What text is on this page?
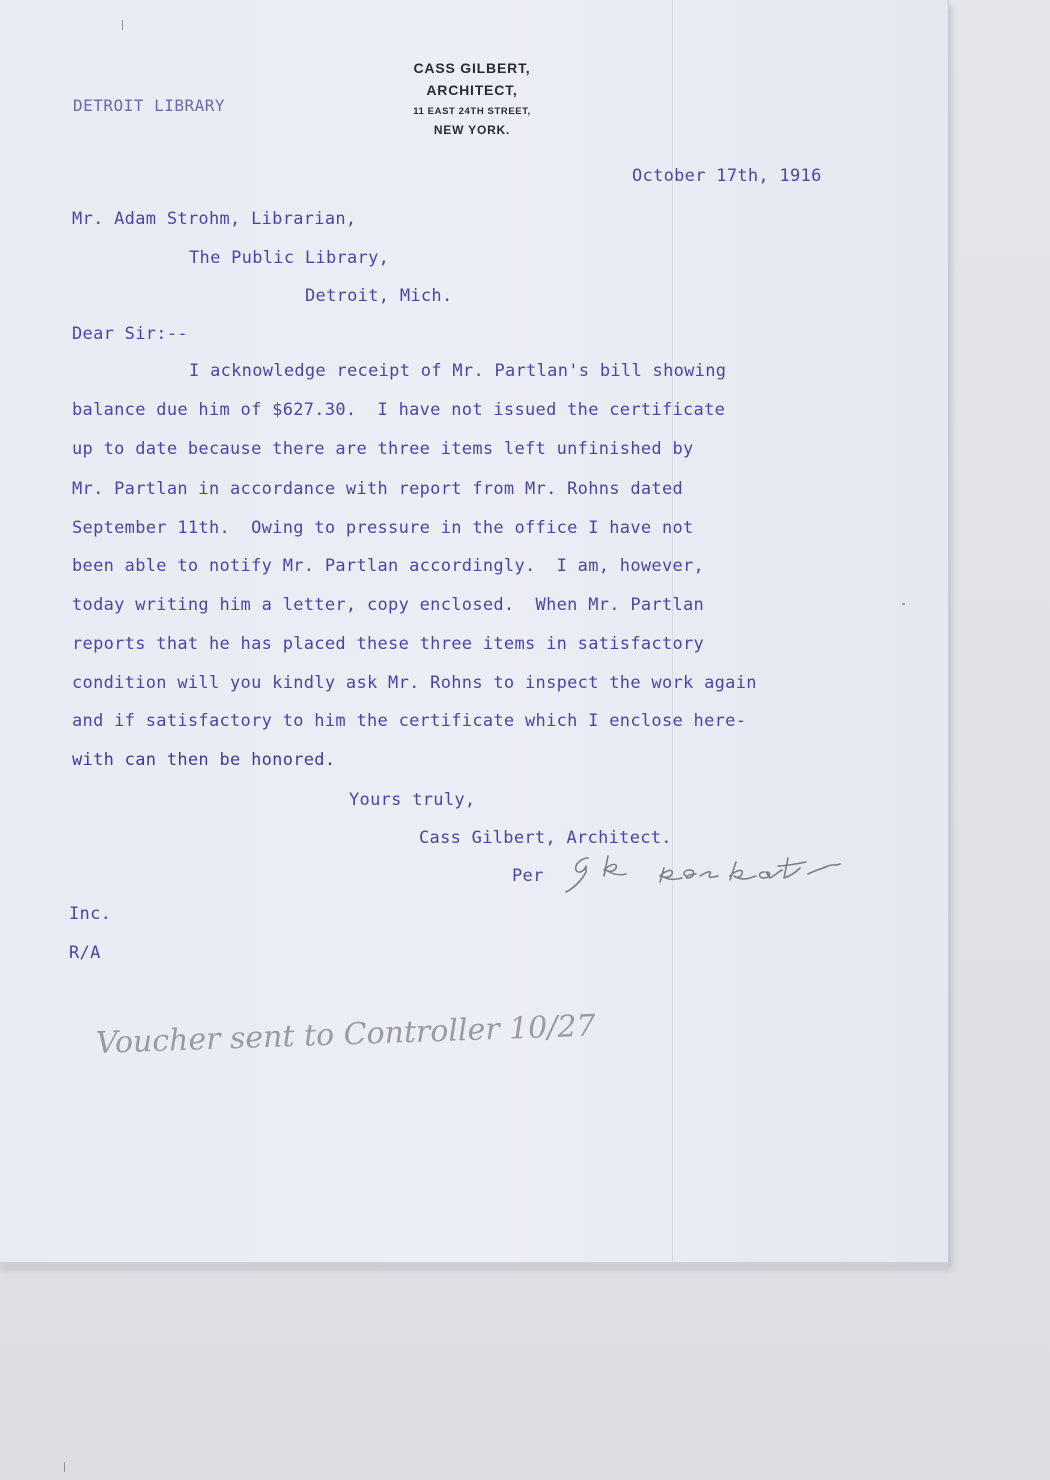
DETROIT LIBRARY
CASS GILBERT,
ARCHITECT,
11 EAST 24TH STREET,
NEW YORK.
October 17th, 1916
Mr. Adam Strohm, Librarian,
The Public Library,
Detroit, Mich.
Dear Sir:--
I acknowledge receipt of Mr. Partlan's bill showing
balance due him of $627.30.  I have not issued the certificate
up to date because there are three items left unfinished by
Mr. Partlan in accordance with report from Mr. Rohns dated
September 11th.  Owing to pressure in the office I have not
been able to notify Mr. Partlan accordingly.  I am, however,
today writing him a letter, copy enclosed.  When Mr. Partlan
reports that he has placed these three items in satisfactory
condition will you kindly ask Mr. Rohns to inspect the work again
and if satisfactory to him the certificate which I enclose here-
with can then be honored.
Yours truly,
Cass Gilbert, Architect.
Per
Inc.
R/A
Voucher sent to Controller 10/27
